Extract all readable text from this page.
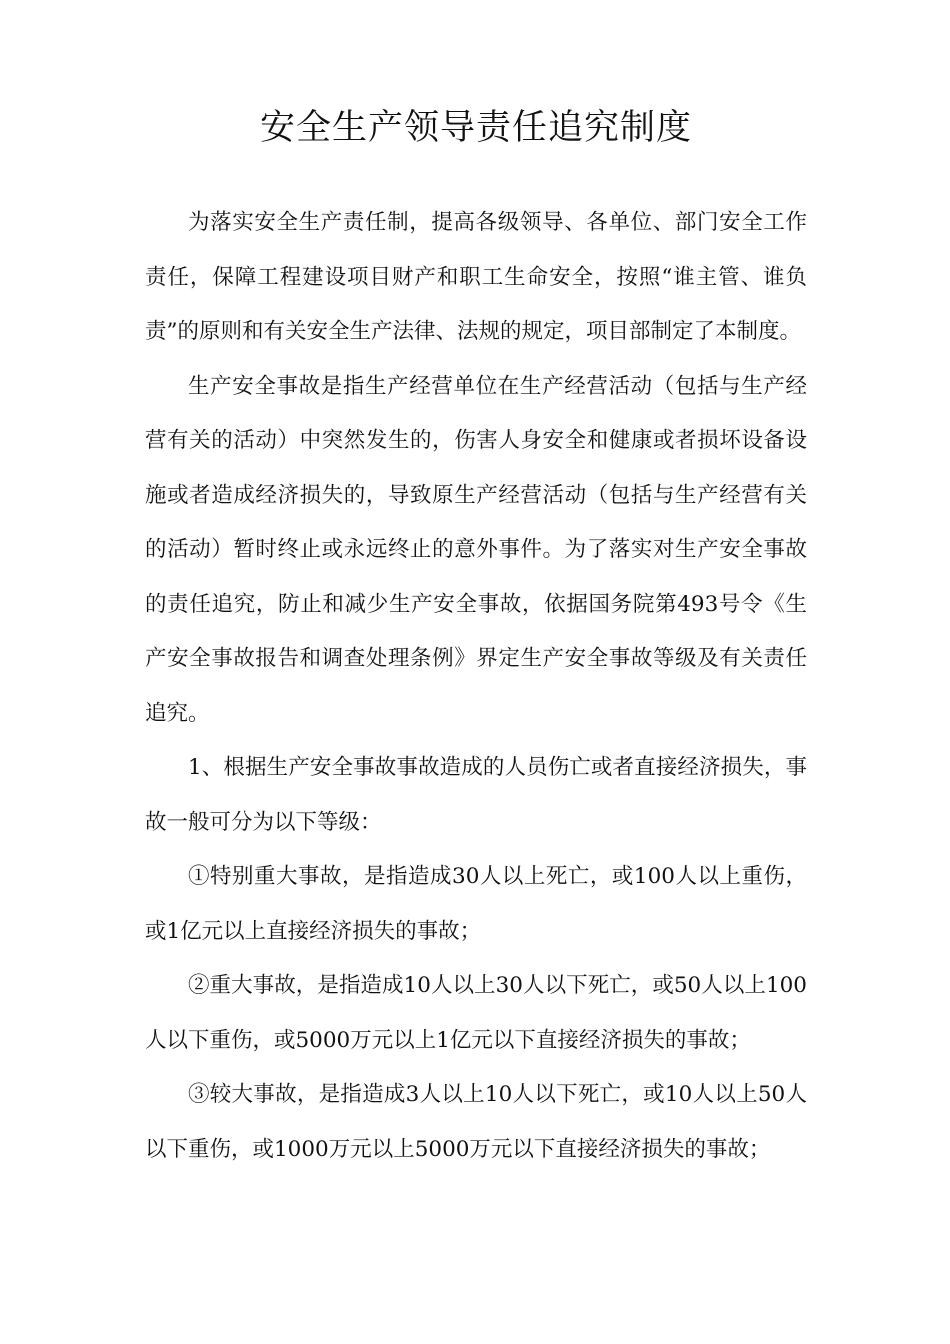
安全生产领导责任追究制度

为落实安全生产责任制，提高各级领导、各单位、部门安全工作责任，保障工程建设项目财产和职工生命安全，按照“谁主管、谁负责”的原则和有关安全生产法律、法规的规定，项目部制定了本制度。

生产安全事故是指生产经营单位在生产经营活动（包括与生产经营有关的活动）中突然发生的，伤害人身安全和健康或者损坏设备设施或者造成经济损失的，导致原生产经营活动（包括与生产经营有关的活动）暂时终止或永远终止的意外事件。为了落实对生产安全事故的责任追究，防止和减少生产安全事故，依据国务院第493号令《生产安全事故报告和调查处理条例》界定生产安全事故等级及有关责任追究。

1、根据生产安全事故事故造成的人员伤亡或者直接经济损失，事故一般可分为以下等级：

①特别重大事故，是指造成30人以上死亡，或100人以上重伤，或1亿元以上直接经济损失的事故；

②重大事故，是指造成10人以上30人以下死亡，或50人以上100人以下重伤，或5000万元以上1亿元以下直接经济损失的事故；

③较大事故，是指造成3人以上10人以下死亡，或10人以上50人以下重伤，或1000万元以上5000万元以下直接经济损失的事故；
